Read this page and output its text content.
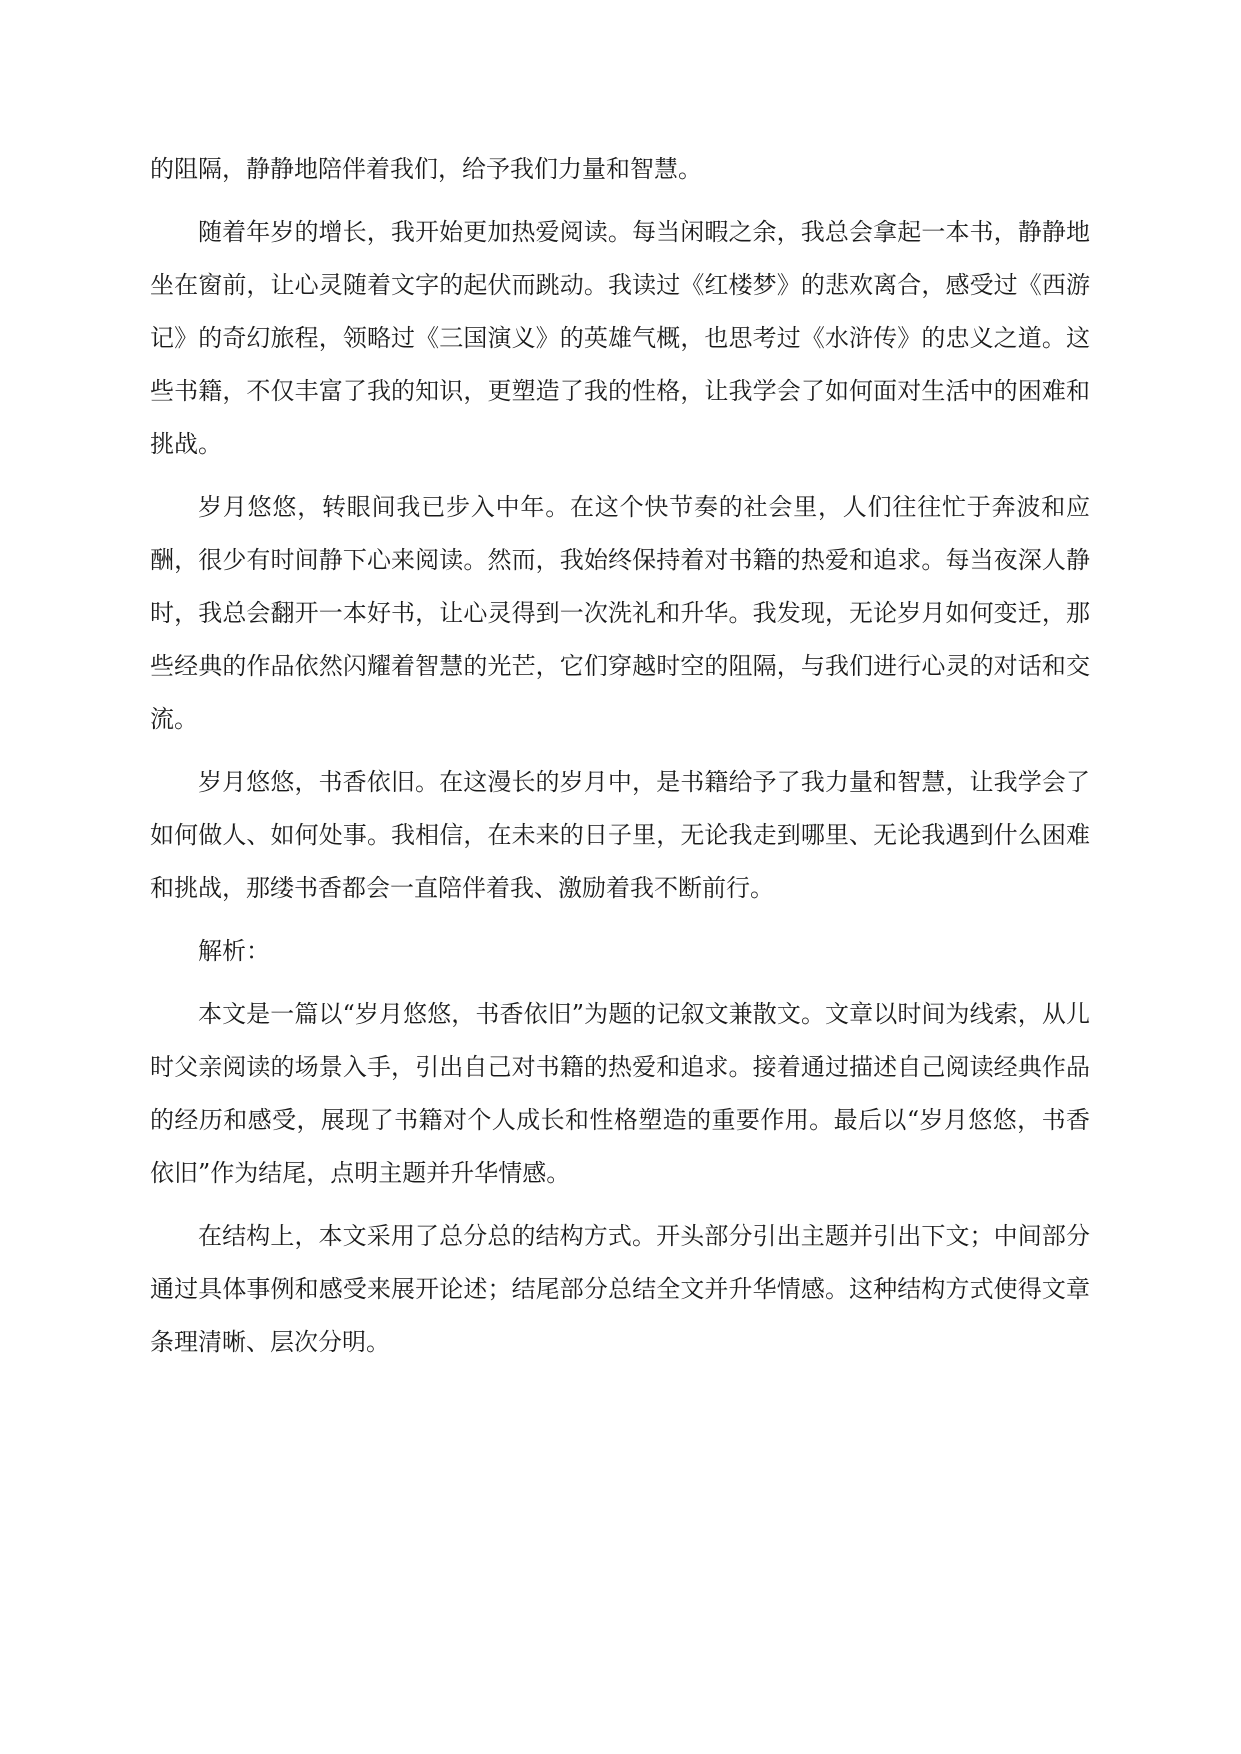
的阻隔，静静地陪伴着我们，给予我们力量和智慧。

随着年岁的增长，我开始更加热爱阅读。每当闲暇之余，我总会拿起一本书，静静地坐在窗前，让心灵随着文字的起伏而跳动。我读过《红楼梦》的悲欢离合，感受过《西游记》的奇幻旅程，领略过《三国演义》的英雄气概，也思考过《水浒传》的忠义之道。这些书籍，不仅丰富了我的知识，更塑造了我的性格，让我学会了如何面对生活中的困难和挑战。

岁月悠悠，转眼间我已步入中年。在这个快节奏的社会里，人们往往忙于奔波和应酬，很少有时间静下心来阅读。然而，我始终保持着对书籍的热爱和追求。每当夜深人静时，我总会翻开一本好书，让心灵得到一次洗礼和升华。我发现，无论岁月如何变迁，那些经典的作品依然闪耀着智慧的光芒，它们穿越时空的阻隔，与我们进行心灵的对话和交流。

岁月悠悠，书香依旧。在这漫长的岁月中，是书籍给予了我力量和智慧，让我学会了如何做人、如何处事。我相信，在未来的日子里，无论我走到哪里、无论我遇到什么困难和挑战，那缕书香都会一直陪伴着我、激励着我不断前行。

解析：

本文是一篇以“岁月悠悠，书香依旧”为题的记叙文兼散文。文章以时间为线索，从儿时父亲阅读的场景入手，引出自己对书籍的热爱和追求。接着通过描述自己阅读经典作品的经历和感受，展现了书籍对个人成长和性格塑造的重要作用。最后以“岁月悠悠，书香依旧”作为结尾，点明主题并升华情感。

在结构上，本文采用了总分总的结构方式。开头部分引出主题并引出下文；中间部分通过具体事例和感受来展开论述；结尾部分总结全文并升华情感。这种结构方式使得文章条理清晰、层次分明。
